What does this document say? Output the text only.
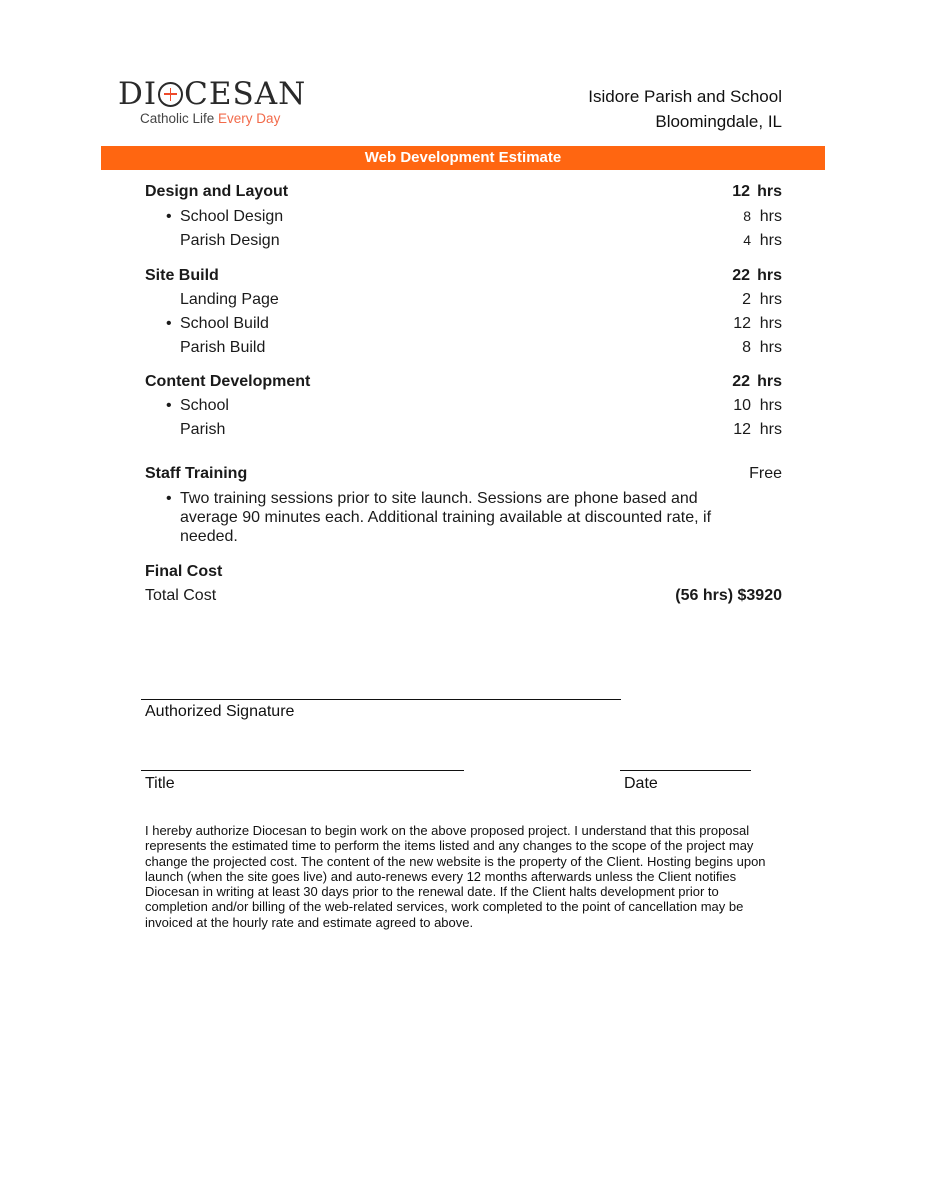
DI CESAN
Catholic Life Every Day
Isidore Parish and School
Bloomingdale, IL
Web Development Estimate
Design and Layout	12 hrs
• School Design	8 hrs
Parish Design	4 hrs
Site Build	22 hrs
Landing Page	2 hrs
• School Build	12 hrs
Parish Build	8 hrs
Content Development	22 hrs
• School	10 hrs
Parish	12 hrs
Staff Training	Free
• Two training sessions prior to site launch. Sessions are phone based and average 90 minutes each. Additional training available at discounted rate, if needed.
Final Cost
Total Cost	(56 hrs) $3920
Authorized Signature
Title	Date
I hereby authorize Diocesan to begin work on the above proposed project. I understand that this proposal represents the estimated time to perform the items listed and any changes to the scope of the project may change the projected cost. The content of the new website is the property of the Client. Hosting begins upon launch (when the site goes live) and auto-renews every 12 months afterwards unless the Client notifies Diocesan in writing at least 30 days prior to the renewal date. If the Client halts development prior to completion and/or billing of the web-related services, work completed to the point of cancellation may be invoiced at the hourly rate and estimate agreed to above.
